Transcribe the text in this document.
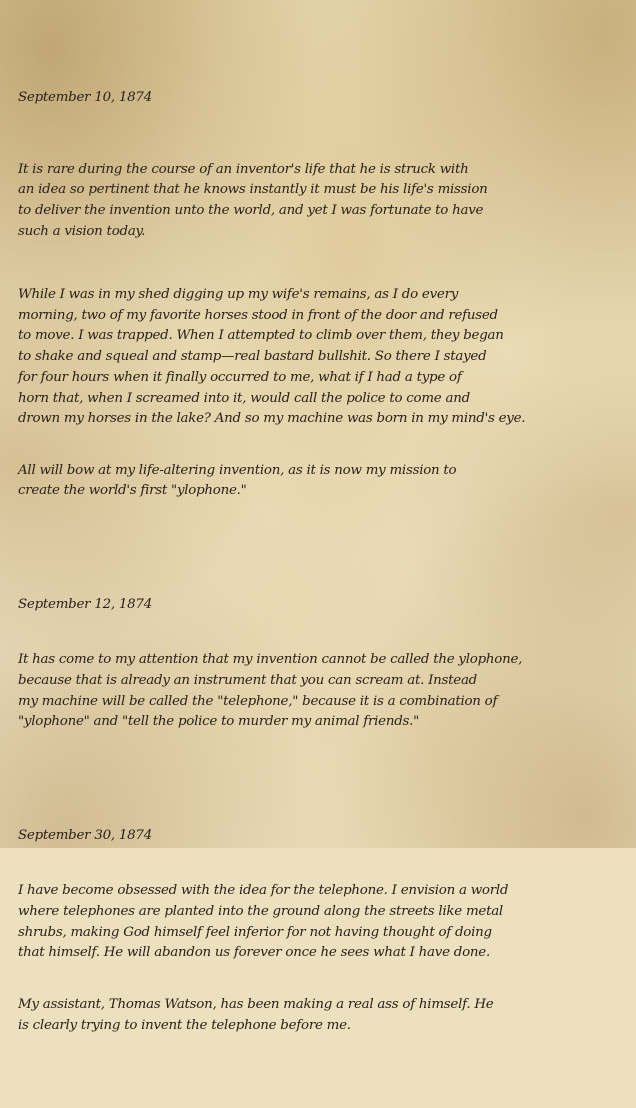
September 10, 1874

It is rare during the course of an inventor's life that he is struck with
an idea so pertinent that he knows instantly it must be his life's mission
to deliver the invention unto the world, and yet I was fortunate to have
such a vision today.

While I was in my shed digging up my wife's remains, as I do every
morning, two of my favorite horses stood in front of the door and refused
to move. I was trapped. When I attempted to climb over them, they began
to shake and squeal and stamp—real bastard bullshit. So there I stayed
for four hours when it finally occurred to me, what if I had a type of
horn that, when I screamed into it, would call the police to come and
drown my horses in the lake? And so my machine was born in my mind's eye.

All will bow at my life-altering invention, as it is now my mission to
create the world's first "ylophone."

September 12, 1874

It has come to my attention that my invention cannot be called the ylophone,
because that is already an instrument that you can scream at. Instead
my machine will be called the "telephone," because it is a combination of
"ylophone" and "tell the police to murder my animal friends."

September 30, 1874

I have become obsessed with the idea for the telephone. I envision a world
where telephones are planted into the ground along the streets like metal
shrubs, making God himself feel inferior for not having thought of doing
that himself. He will abandon us forever once he sees what I have done.

My assistant, Thomas Watson, has been making a real ass of himself. He
is clearly trying to invent the telephone before me.
